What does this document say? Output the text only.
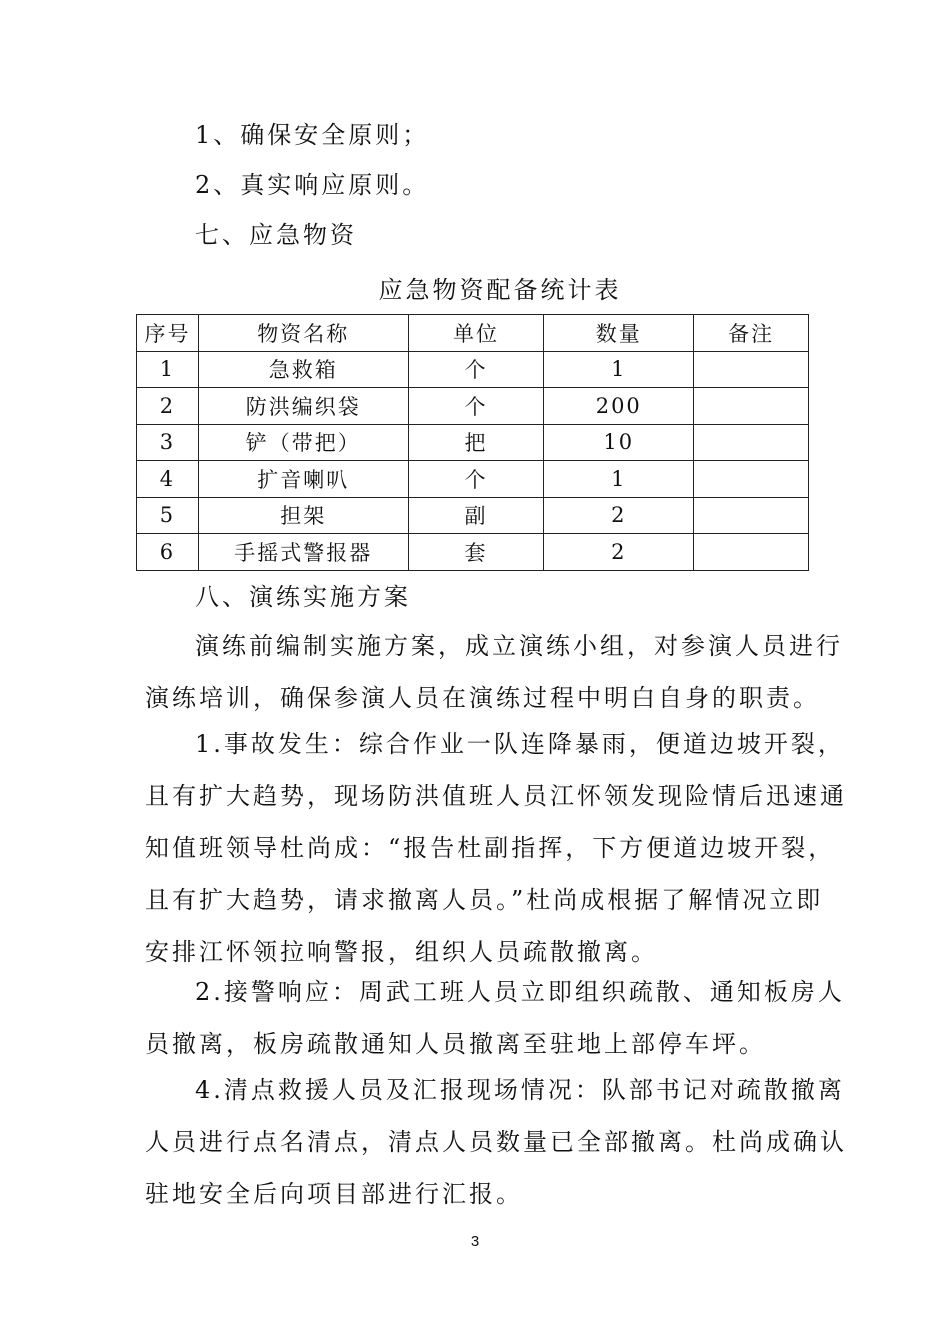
1、确保安全原则；
2、真实响应原则。
七、应急物资
应急物资配备统计表
序号	物资名称	单位	数量	备注
1	急救箱	个	1	
2	防洪编织袋	个	200	
3	铲（带把）	把	10	
4	扩音喇叭	个	1	
5	担架	副	2	
6	手摇式警报器	套	2	
八、演练实施方案
演练前编制实施方案，成立演练小组，对参演人员进行
演练培训，确保参演人员在演练过程中明白自身的职责。
1.事故发生：综合作业一队连降暴雨，便道边坡开裂，
且有扩大趋势，现场防洪值班人员江怀领发现险情后迅速通
知值班领导杜尚成：“报告杜副指挥，下方便道边坡开裂，
且有扩大趋势，请求撤离人员。”杜尚成根据了解情况立即
安排江怀领拉响警报，组织人员疏散撤离。
2.接警响应：周武工班人员立即组织疏散、通知板房人
员撤离，板房疏散通知人员撤离至驻地上部停车坪。
4.清点救援人员及汇报现场情况：队部书记对疏散撤离
人员进行点名清点，清点人员数量已全部撤离。杜尚成确认
驻地安全后向项目部进行汇报。
3
